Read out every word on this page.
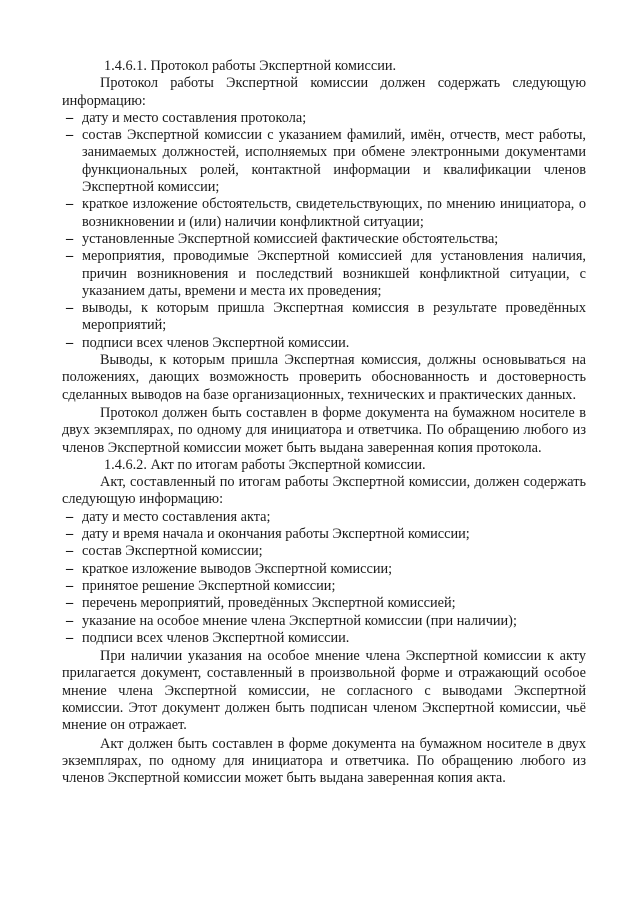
1.4.6.1. Протокол работы Экспертной комиссии.

Протокол работы Экспертной комиссии должен содержать следующую информацию:

– дату и место составления протокола;
– состав Экспертной комиссии с указанием фамилий, имён, отчеств, мест работы, занимаемых должностей, исполняемых при обмене электронными документами функциональных ролей, контактной информации и квалификации членов Экспертной комиссии;
– краткое изложение обстоятельств, свидетельствующих, по мнению инициатора, о возникновении и (или) наличии конфликтной ситуации;
– установленные Экспертной комиссией фактические обстоятельства;
– мероприятия, проводимые Экспертной комиссией для установления наличия, причин возникновения и последствий возникшей конфликтной ситуации, с указанием даты, времени и места их проведения;
– выводы, к которым пришла Экспертная комиссия в результате проведённых мероприятий;
– подписи всех членов Экспертной комиссии.

Выводы, к которым пришла Экспертная комиссия, должны основываться на положениях, дающих возможность проверить обоснованность и достоверность сделанных выводов на базе организационных, технических и практических данных.

Протокол должен быть составлен в форме документа на бумажном носителе в двух экземплярах, по одному для инициатора и ответчика. По обращению любого из членов Экспертной комиссии может быть выдана заверенная копия протокола.

1.4.6.2. Акт по итогам работы Экспертной комиссии.

Акт, составленный по итогам работы Экспертной комиссии, должен содержать следующую информацию:

– дату и место составления акта;
– дату и время начала и окончания работы Экспертной комиссии;
– состав Экспертной комиссии;
– краткое изложение выводов Экспертной комиссии;
– принятое решение Экспертной комиссии;
– перечень мероприятий, проведённых Экспертной комиссией;
– указание на особое мнение члена Экспертной комиссии (при наличии);
– подписи всех членов Экспертной комиссии.

При наличии указания на особое мнение члена Экспертной комиссии к акту прилагается документ, составленный в произвольной форме и отражающий особое мнение члена Экспертной комиссии, не согласного с выводами Экспертной комиссии. Этот документ должен быть подписан членом Экспертной комиссии, чьё мнение он отражает.

Акт должен быть составлен в форме документа на бумажном носителе в двух экземплярах, по одному для инициатора и ответчика. По обращению любого из членов Экспертной комиссии может быть выдана заверенная копия акта.
